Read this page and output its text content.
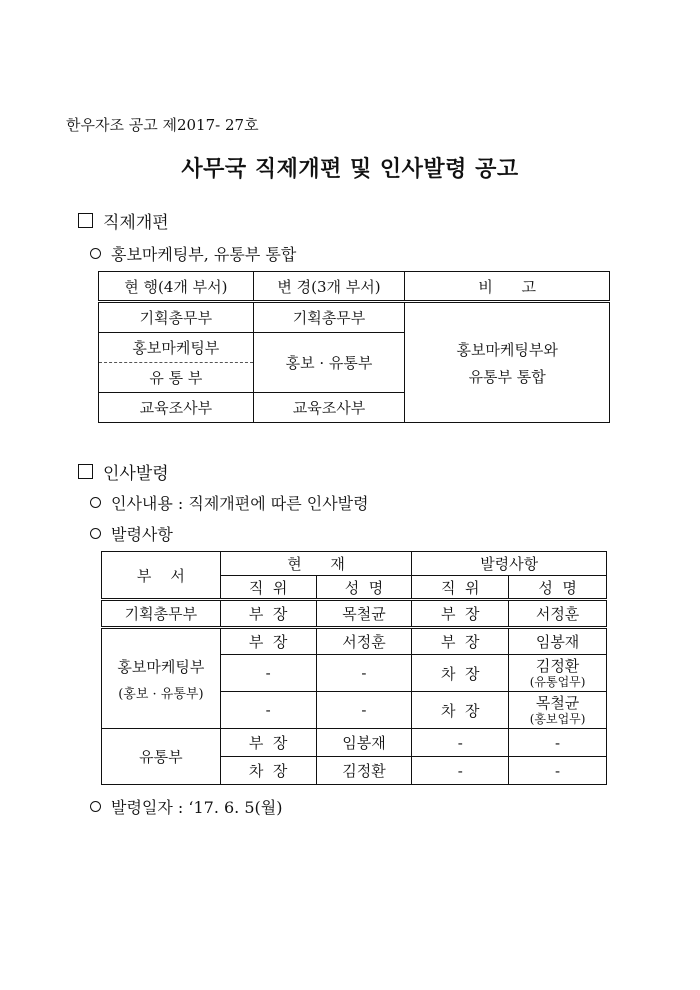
한우자조 공고 제2017- 27호
사무국 직제개편 및 인사발령 공고
직제개편
홍보마케팅부, 유통부 통합
현 행(4개 부서)	변 경(3개 부서)	비      고
기획총무부	기획총무부	홍보마케팅부와
유통부 통합

홍보마케팅부	홍보 · 유통부	
유 통 부		
교육조사부	교육조사부	
인사발령
인사내용 : 직제개편에 따른 인사발령
발령사항
부    서	현      재		발령사항	
	직  위	성  명	직  위	성  명
기획총무부	부  장	목철균	부  장	서정훈

홍보마케팅부
(홍보 · 유통부)	부  장	서정훈	부  장	임봉재
	-	-	차  장	김정환
(유통업무)

	-	-	차  장	목철균
(홍보업무)

유통부	부  장	임봉재	-	-
	차  장	김정환	-	-
발령일자 : ‘17. 6. 5(월)
